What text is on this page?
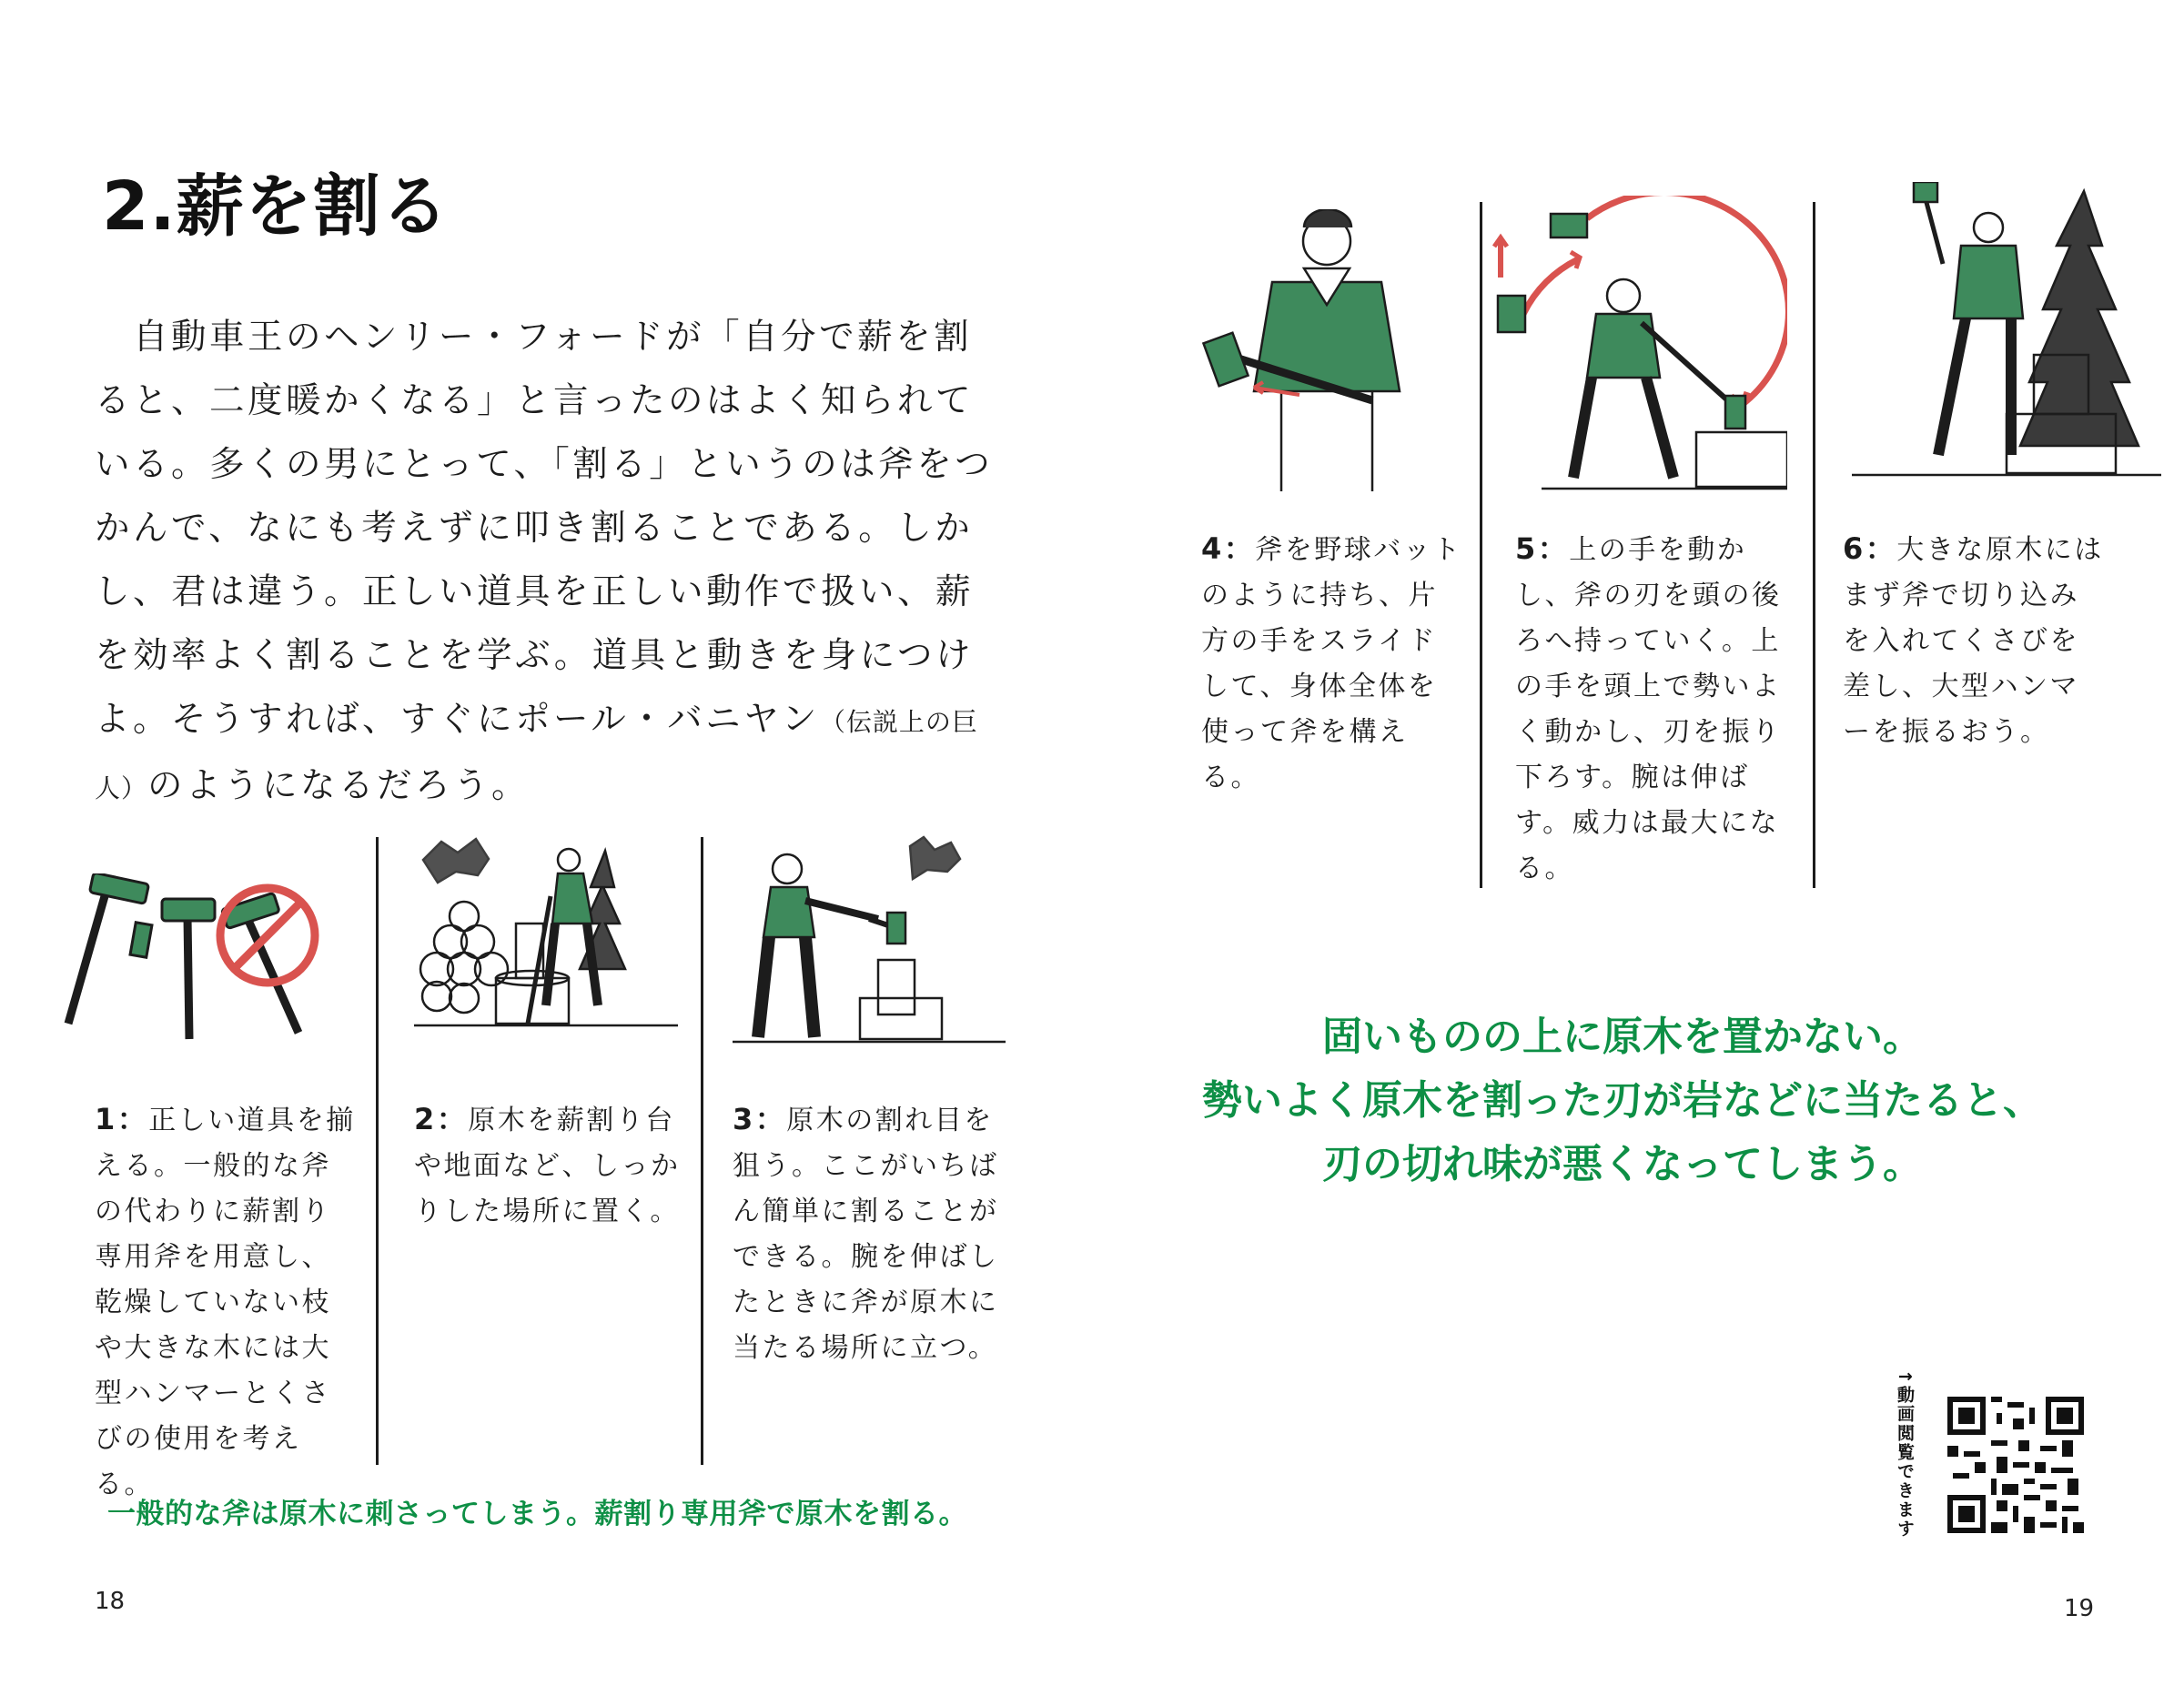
2.薪を割る

　自動車王のヘンリー・フォードが「自分で薪を割ると、二度暖かくなる」と言ったのはよく知られている。多くの男にとって、「割る」というのは斧をつかんで、なにも考えずに叩き割ることである。しかし、君は違う。正しい道具を正しい動作で扱い、薪を効率よく割ることを学ぶ。道具と動きを身につけよ。そうすれば、すぐにポール・バニヤン（伝説上の巨人）のようになるだろう。

1：正しい道具を揃える。一般的な斧の代わりに薪割り専用斧を用意し、乾燥していない枝や大きな木には大型ハンマーとくさびの使用を考える。

2：原木を薪割り台や地面など、しっかりした場所に置く。

3：原木の割れ目を狙う。ここがいちばん簡単に割ることができる。腕を伸ばしたときに斧が原木に当たる場所に立つ。

4：斧を野球バットのように持ち、片方の手をスライドして、身体全体を使って斧を構える。

5：上の手を動かし、斧の刃を頭の後ろへ持っていく。上の手を頭上で勢いよく動かし、刃を振り下ろす。腕は伸ばす。威力は最大になる。

6：大きな原木にはまず斧で切り込みを入れてくさびを差し、大型ハンマーを振るおう。

一般的な斧は原木に刺さってしまう。薪割り専用斧で原木を割る。

固いものの上に原木を置かない。
勢いよく原木を割った刃が岩などに当たると、
刃の切れ味が悪くなってしまう。
↑動画閲覧できます
18	19
